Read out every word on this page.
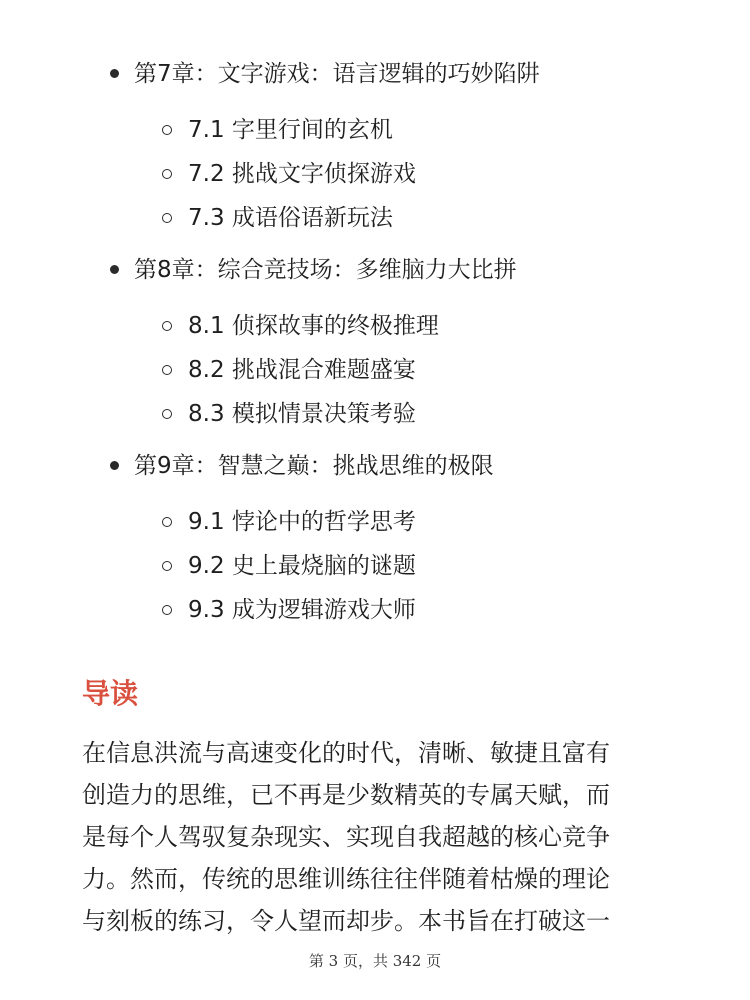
第7章：文字游戏：语言逻辑的巧妙陷阱
7.1 字里行间的玄机
7.2 挑战文字侦探游戏
7.3 成语俗语新玩法
第8章：综合竞技场：多维脑力大比拼
8.1 侦探故事的终极推理
8.2 挑战混合难题盛宴
8.3 模拟情景决策考验
第9章：智慧之巅：挑战思维的极限
9.1 悖论中的哲学思考
9.2 史上最烧脑的谜题
9.3 成为逻辑游戏大师
导读
在信息洪流与高速变化的时代，清晰、敏捷且富有
创造力的思维，已不再是少数精英的专属天赋，而
是每个人驾驭复杂现实、实现自我超越的核心竞争
力。然而，传统的思维训练往往伴随着枯燥的理论
与刻板的练习，令人望而却步。本书旨在打破这一
第 3 页，共 342 页
